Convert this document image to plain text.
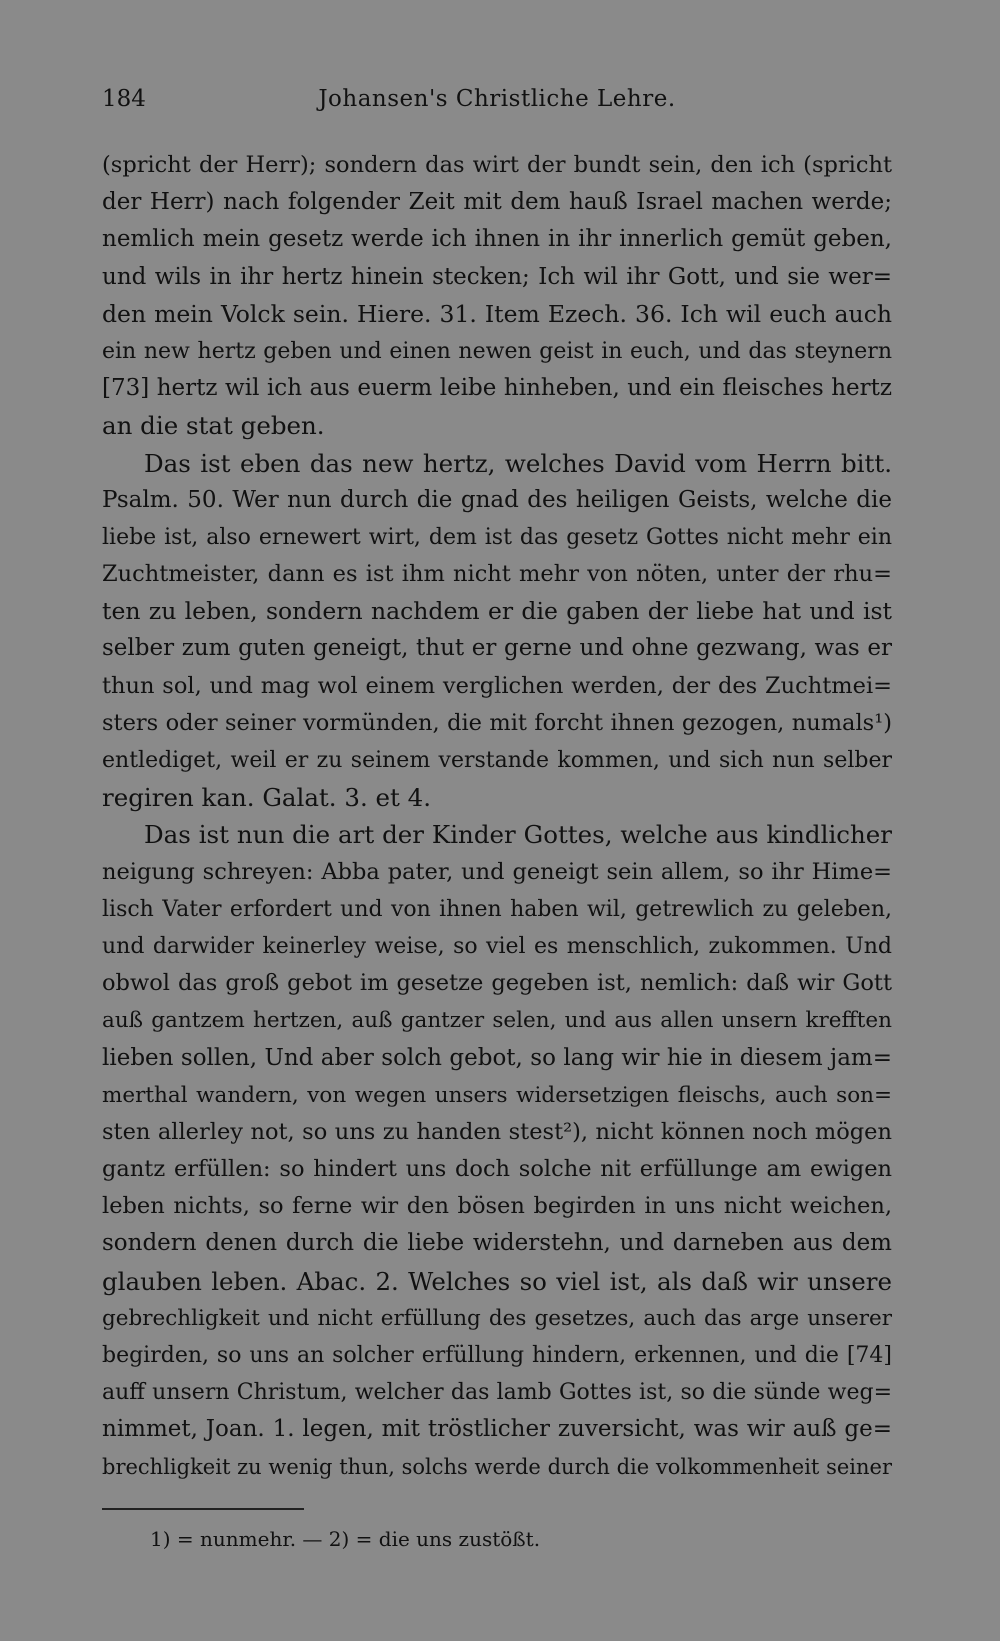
184	Johansen's Christliche Lehre.
(spricht der Herr); sondern das wirt der bundt sein, den ich (spricht
der Herr) nach folgender Zeit mit dem hauß Israel machen werde;
nemlich mein gesetz werde ich ihnen in ihr innerlich gemüt geben,
und wils in ihr hertz hinein stecken; Ich wil ihr Gott, und sie wer=
den mein Volck sein. Hiere. 31. Item Ezech. 36. Ich wil euch auch
ein new hertz geben und einen newen geist in euch, und das steynern
[73] hertz wil ich aus euerm leibe hinheben, und ein fleisches hertz
an die stat geben.
Das ist eben das new hertz, welches David vom Herrn bitt.
Psalm. 50. Wer nun durch die gnad des heiligen Geists, welche die
liebe ist, also ernewert wirt, dem ist das gesetz Gottes nicht mehr ein
Zuchtmeister, dann es ist ihm nicht mehr von nöten, unter der rhu=
ten zu leben, sondern nachdem er die gaben der liebe hat und ist
selber zum guten geneigt, thut er gerne und ohne gezwang, was er
thun sol, und mag wol einem verglichen werden, der des Zuchtmei=
sters oder seiner vormünden, die mit forcht ihnen gezogen, numals¹)
entlediget, weil er zu seinem verstande kommen, und sich nun selber
regiren kan. Galat. 3. et 4.
Das ist nun die art der Kinder Gottes, welche aus kindlicher
neigung schreyen: Abba pater, und geneigt sein allem, so ihr Hime=
lisch Vater erfordert und von ihnen haben wil, getrewlich zu geleben,
und darwider keinerley weise, so viel es menschlich, zukommen. Und
obwol das groß gebot im gesetze gegeben ist, nemlich: daß wir Gott
auß gantzem hertzen, auß gantzer selen, und aus allen unsern krefften
lieben sollen, Und aber solch gebot, so lang wir hie in diesem jam=
merthal wandern, von wegen unsers widersetzigen fleischs, auch son=
sten allerley not, so uns zu handen stest²), nicht können noch mögen
gantz erfüllen: so hindert uns doch solche nit erfüllunge am ewigen
leben nichts, so ferne wir den bösen begirden in uns nicht weichen,
sondern denen durch die liebe widerstehn, und darneben aus dem
glauben leben. Abac. 2. Welches so viel ist, als daß wir unsere
gebrechligkeit und nicht erfüllung des gesetzes, auch das arge unserer
begirden, so uns an solcher erfüllung hindern, erkennen, und die [74]
auff unsern Christum, welcher das lamb Gottes ist, so die sünde weg=
nimmet, Joan. 1. legen, mit tröstlicher zuversicht, was wir auß ge=
brechligkeit zu wenig thun, solchs werde durch die volkommenheit seiner
1) = nunmehr. — 2) = die uns zustößt.
